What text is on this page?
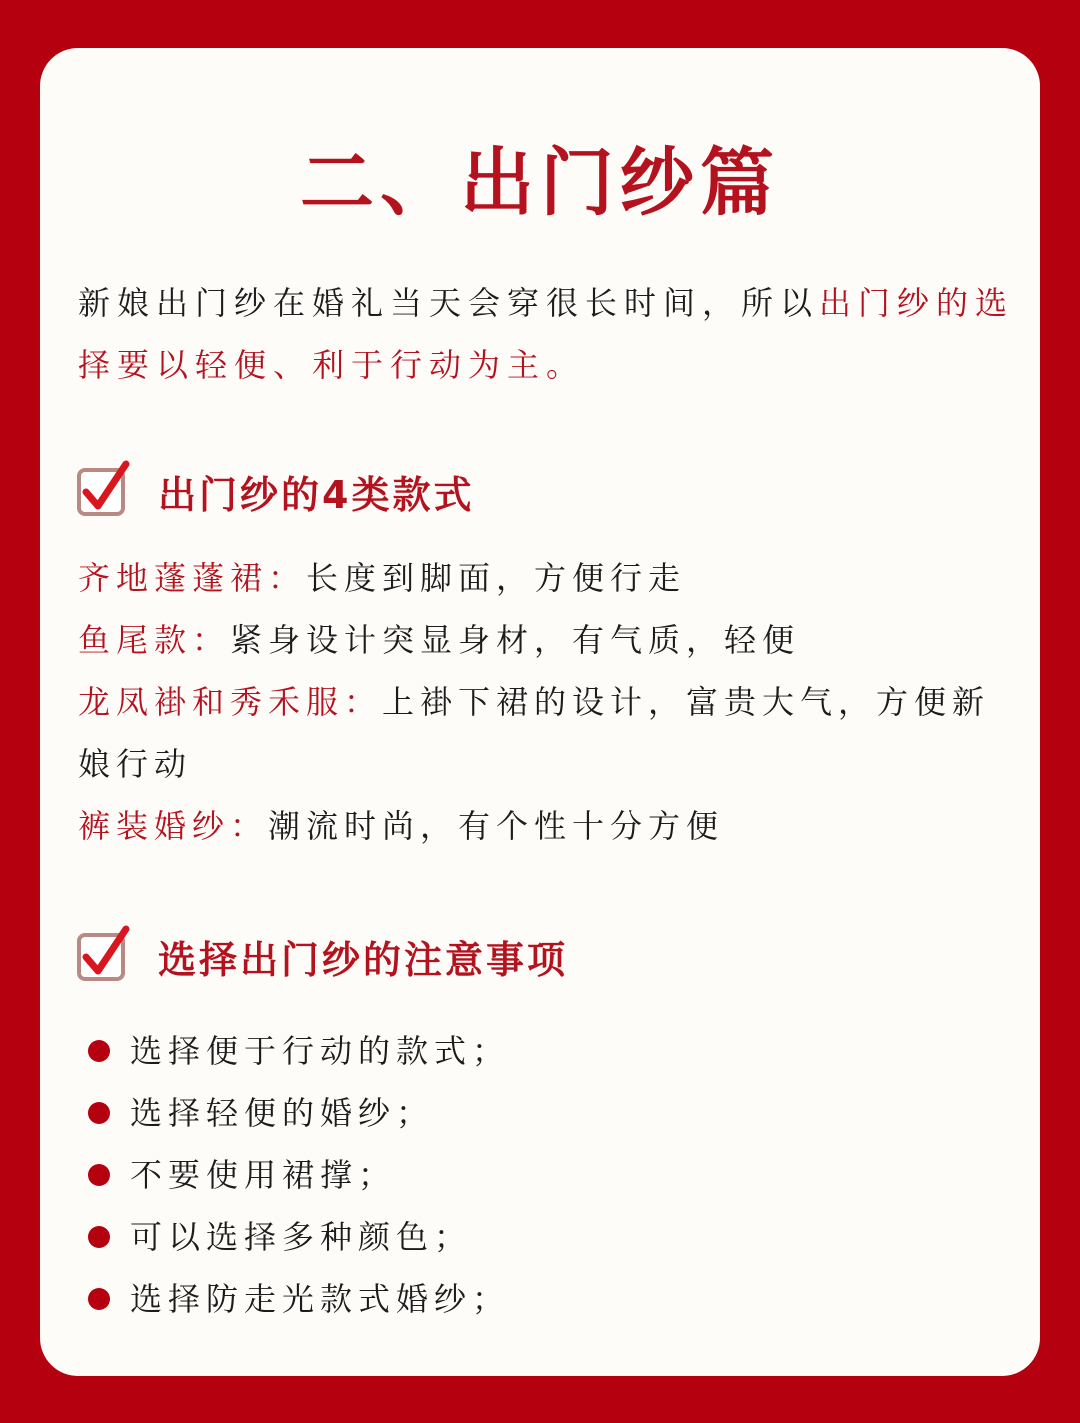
二、出门纱篇

新娘出门纱在婚礼当天会穿很长时间，所以出门纱的选择要以轻便、利于行动为主。

出门纱的4类款式

齐地蓬蓬裙：长度到脚面，方便行走

鱼尾款：紧身设计突显身材，有气质，轻便

龙凤褂和秀禾服：上褂下裙的设计，富贵大气，方便新娘行动

裤装婚纱：潮流时尚，有个性十分方便

选择出门纱的注意事项
选择便于行动的款式；
选择轻便的婚纱；
不要使用裙撑；
可以选择多种颜色；
选择防走光款式婚纱；
